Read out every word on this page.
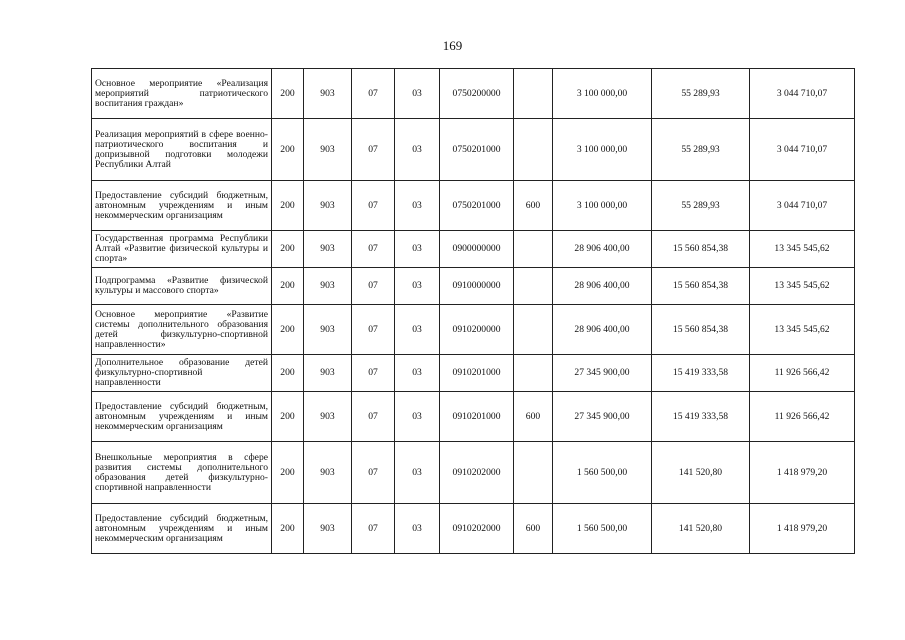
169
Основное мероприятие «Реализация мероприятий патриотического воспитания граждан»	200	903	07	03	0750200000		3 100 000,00	55 289,93	3 044 710,07
Реализация мероприятий в сфере военно-патриотического воспитания и допризывной подготовки молодежи Республики Алтай	200	903	07	03	0750201000		3 100 000,00	55 289,93	3 044 710,07
Предоставление субсидий бюджетным, автономным учреждениям и иным некоммерческим организациям	200	903	07	03	0750201000	600	3 100 000,00	55 289,93	3 044 710,07
Государственная программа Республики Алтай «Развитие физической культуры и спорта»	200	903	07	03	0900000000		28 906 400,00	15 560 854,38	13 345 545,62
Подпрограмма «Развитие физической культуры и массового спорта»	200	903	07	03	0910000000		28 906 400,00	15 560 854,38	13 345 545,62
Основное мероприятие «Развитие системы дополнительного образования детей физкультурно-спортивной направленности»	200	903	07	03	0910200000		28 906 400,00	15 560 854,38	13 345 545,62
Дополнительное образование детей физкультурно-спортивной направленности	200	903	07	03	0910201000		27 345 900,00	15 419 333,58	11 926 566,42
Предоставление субсидий бюджетным, автономным учреждениям и иным некоммерческим организациям	200	903	07	03	0910201000	600	27 345 900,00	15 419 333,58	11 926 566,42
Внешкольные мероприятия в сфере развития системы дополнительного образования детей физкультурно-спортивной направленности	200	903	07	03	0910202000		1 560 500,00	141 520,80	1 418 979,20
Предоставление субсидий бюджетным, автономным учреждениям и иным некоммерческим организациям	200	903	07	03	0910202000	600	1 560 500,00	141 520,80	1 418 979,20
